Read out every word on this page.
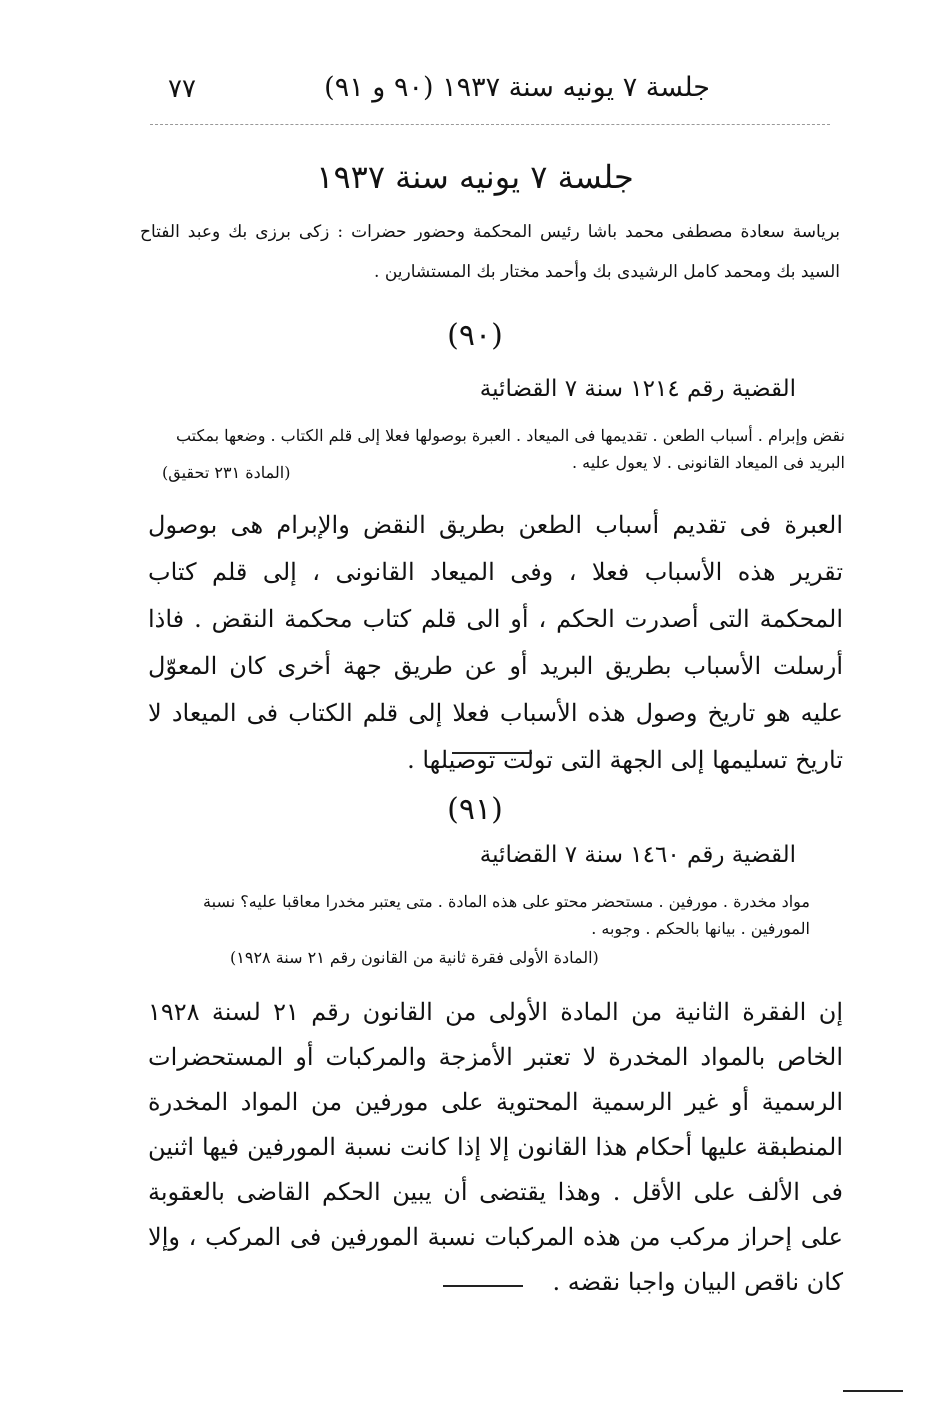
٧٧	جلسة ٧ يونيه سنة ١٩٣٧ (٩٠ و ٩١)
جلسة ٧ يونيه سنة ١٩٣٧
برياسة سعادة مصطفى محمد باشا رئيس المحكمة وحضور حضرات : زكى برزى بك وعبد الفتاح السيد بك ومحمد كامل الرشيدى بك وأحمد مختار بك المستشارين .
(٩٠)
القضية رقم ١٢١٤ سنة ٧ القضائية
نقض وإبرام . أسباب الطعن . تقديمها فى الميعاد . العبرة بوصولها فعلا إلى قلم الكتاب . وضعها بمكتب البريد فى الميعاد القانونى . لا يعول عليه .
(المادة ٢٣١ تحقيق)
العبرة فى تقديم أسباب الطعن بطريق النقض والإبرام هى بوصول تقرير هذه الأسباب فعلا ، وفى الميعاد القانونى ، إلى قلم كتاب المحكمة التى أصدرت الحكم ، أو الى قلم كتاب محكمة النقض . فاذا أرسلت الأسباب بطريق البريد أو عن طريق جهة أخرى كان المعوّل عليه هو تاريخ وصول هذه الأسباب فعلا إلى قلم الكتاب فى الميعاد لا تاريخ تسليمها إلى الجهة التى تولت توصيلها .
(٩١)
القضية رقم ١٤٦٠ سنة ٧ القضائية
مواد مخدرة . مورفين . مستحضر محتو على هذه المادة . متى يعتبر مخدرا معاقبا عليه؟ نسبة المورفين . بيانها بالحكم . وجوبه .
(المادة الأولى فقرة ثانية من القانون رقم ٢١ سنة ١٩٢٨)
إن الفقرة الثانية من المادة الأولى من القانون رقم ٢١ لسنة ١٩٢٨ الخاص بالمواد المخدرة لا تعتبر الأمزجة والمركبات أو المستحضرات الرسمية أو غير الرسمية المحتوية على مورفين من المواد المخدرة المنطبقة عليها أحكام هذا القانون إلا إذا كانت نسبة المورفين فيها اثنين فى الألف على الأقل . وهذا يقتضى أن يبين الحكم القاضى بالعقوبة على إحراز مركب من هذه المركبات نسبة المورفين فى المركب ، وإلا كان ناقص البيان واجبا نقضه .
